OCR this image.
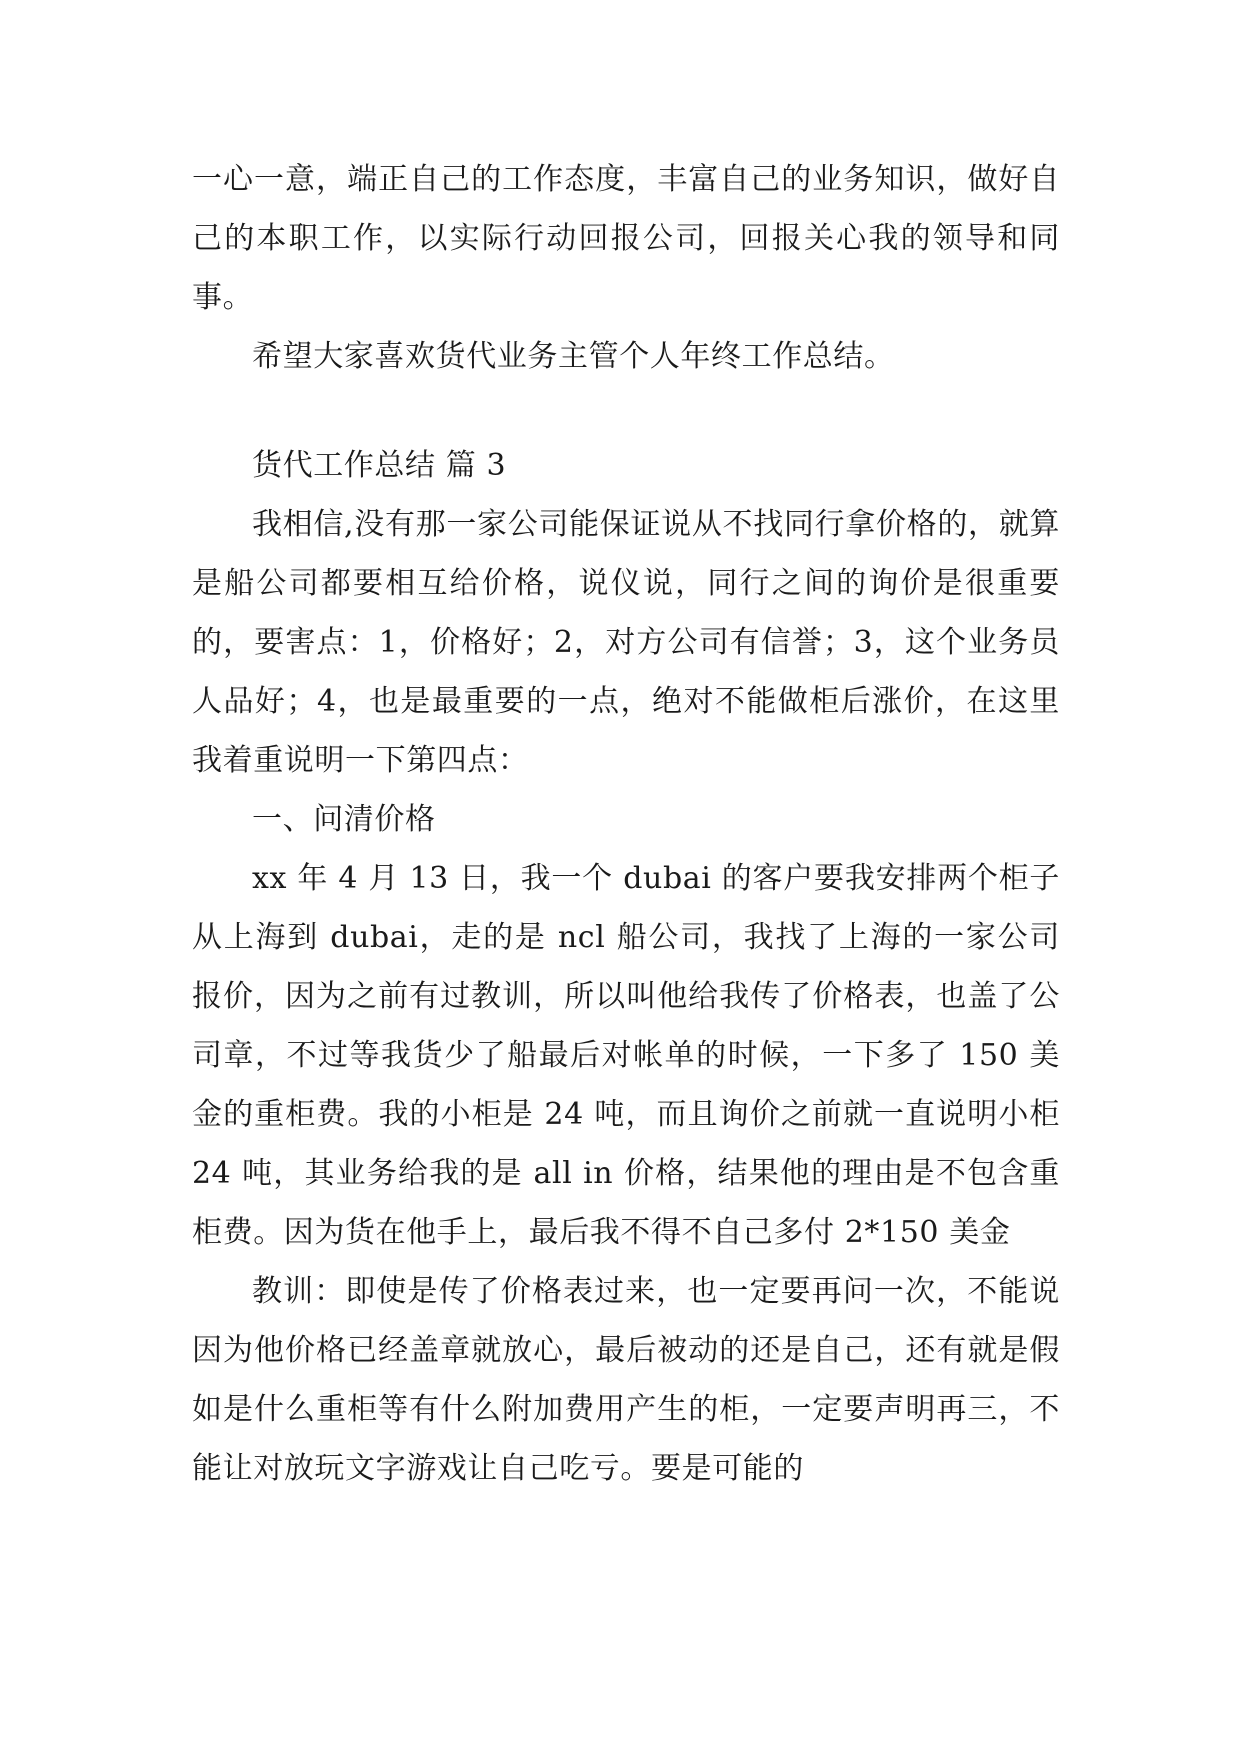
一心一意，端正自己的工作态度，丰富自己的业务知识，做好自己的本职工作，以实际行动回报公司，回报关心我的领导和同事。

希望大家喜欢货代业务主管个人年终工作总结。

货代工作总结 篇 3

我相信,没有那一家公司能保证说从不找同行拿价格的，就算是船公司都要相互给价格，说仪说，同行之间的询价是很重要的，要害点：1，价格好；2，对方公司有信誉；3，这个业务员人品好；4，也是最重要的一点，绝对不能做柜后涨价，在这里我着重说明一下第四点：

一、问清价格

xx 年 4 月 13 日，我一个 dubai 的客户要我安排两个柜子从上海到 dubai，走的是 ncl 船公司，我找了上海的一家公司报价，因为之前有过教训，所以叫他给我传了价格表，也盖了公司章，不过等我货少了船最后对帐单的时候，一下多了 150 美金的重柜费。我的小柜是 24 吨，而且询价之前就一直说明小柜 24 吨，其业务给我的是 all in 价格，结果他的理由是不包含重柜费。因为货在他手上，最后我不得不自己多付 2*150 美金

教训：即使是传了价格表过来，也一定要再问一次，不能说因为他价格已经盖章就放心，最后被动的还是自己，还有就是假如是什么重柜等有什么附加费用产生的柜，一定要声明再三，不能让对放玩文字游戏让自己吃亏。要是可能的
